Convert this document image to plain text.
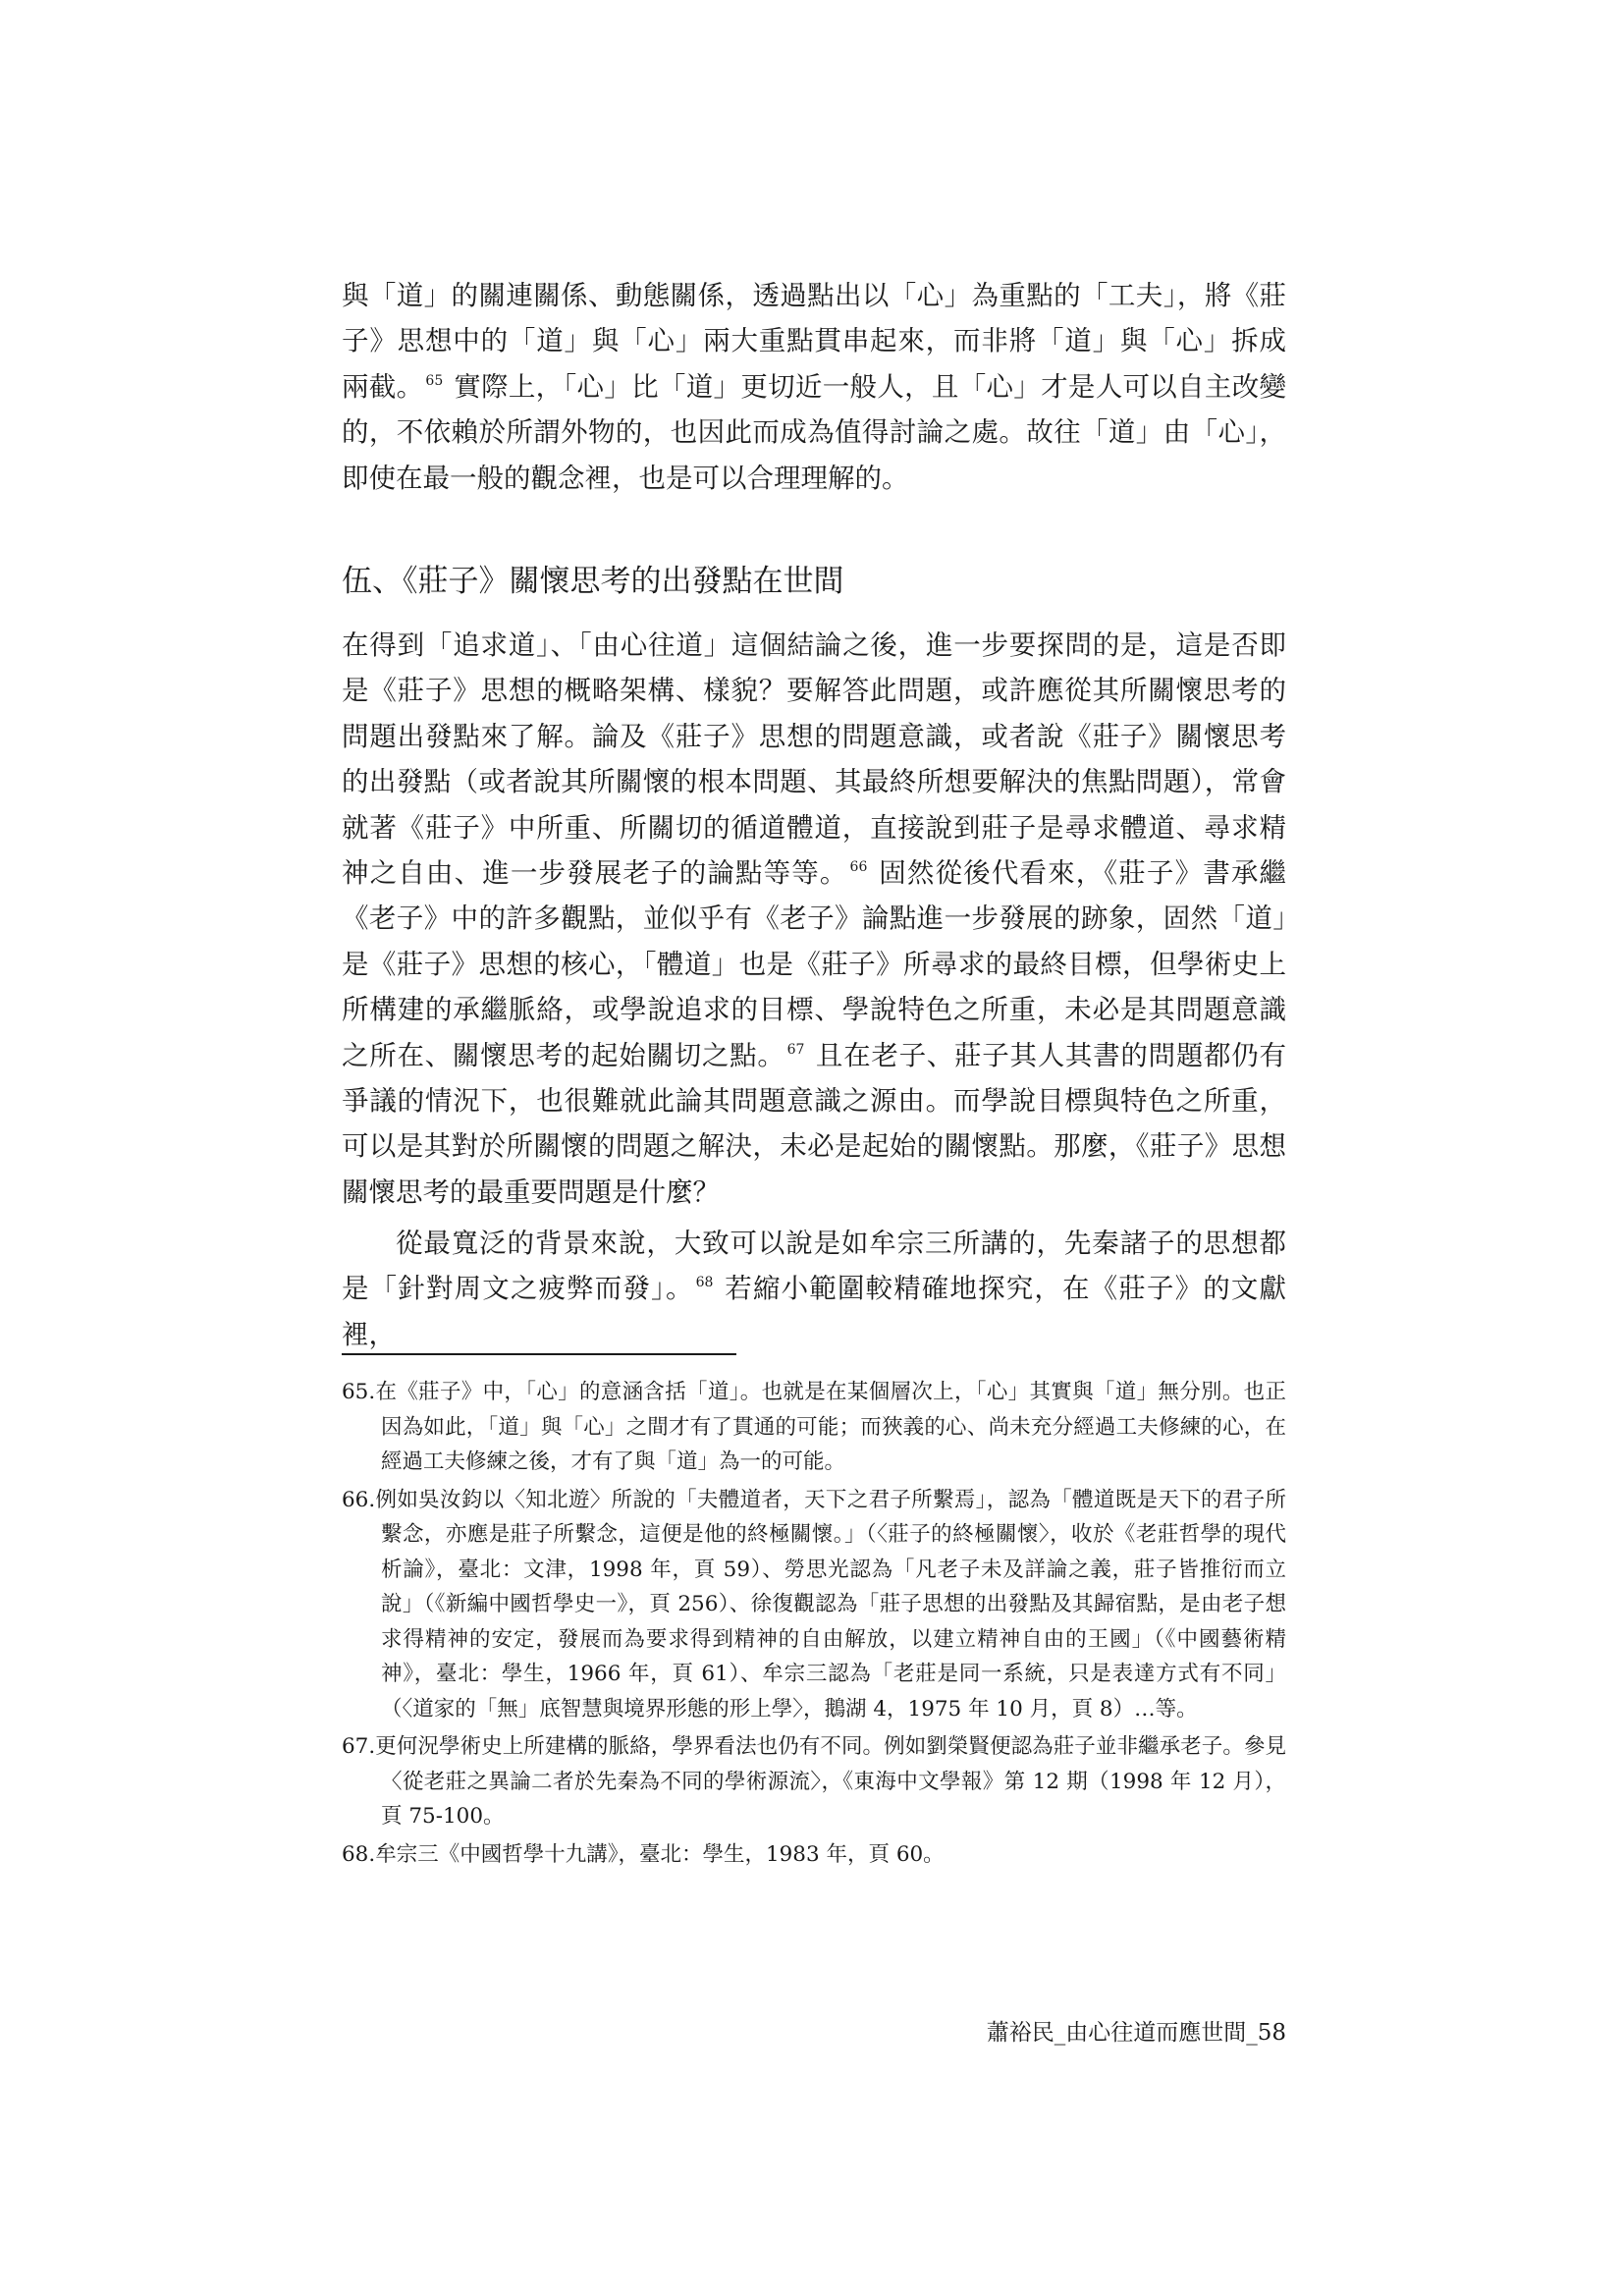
與「道」的關連關係、動態關係，透過點出以「心」為重點的「工夫」，將《莊子》思想中的「道」與「心」兩大重點貫串起來，而非將「道」與「心」拆成兩截。 $^{65}$ 實際上，「心」比「道」更切近一般人，且「心」才是人可以自主改變的，不依賴於所謂外物的，也因此而成為值得討論之處。故往「道」由「心」，即使在最一般的觀念裡，也是可以合理理解的。

伍、《莊子》關懷思考的出發點在世間

在得到「追求道」、「由心往道」這個結論之後，進一步要探問的是，這是否即是《莊子》思想的概略架構、樣貌？要解答此問題，或許應從其所關懷思考的問題出發點來了解。論及《莊子》思想的問題意識，或者說《莊子》關懷思考的出發點（或者說其所關懷的根本問題、其最終所想要解決的焦點問題），常會就著《莊子》中所重、所關切的循道體道，直接說到莊子是尋求體道、尋求精神之自由、進一步發展老子的論點等等。 $^{66}$ 固然從後代看來，《莊子》書承繼《老子》中的許多觀點，並似乎有《老子》論點進一步發展的跡象，固然「道」是《莊子》思想的核心，「體道」也是《莊子》所尋求的最終目標，但學術史上所構建的承繼脈絡，或學說追求的目標、學說特色之所重，未必是其問題意識之所在、關懷思考的起始關切之點。 $^{67}$ 且在老子、莊子其人其書的問題都仍有爭議的情況下，也很難就此論其問題意識之源由。而學說目標與特色之所重，可以是其對於所關懷的問題之解決，未必是起始的關懷點。那麼，《莊子》思想關懷思考的最重要問題是什麼？

從最寬泛的背景來說，大致可以說是如牟宗三所講的，先秦諸子的思想都是「針對周文之疲弊而發」。 $^{68}$ 若縮小範圍較精確地探究，在《莊子》的文獻裡，

65.在《莊子》中，「心」的意涵含括「道」。也就是在某個層次上，「心」其實與「道」無分別。也正因為如此，「道」與「心」之間才有了貫通的可能；而狹義的心、尚未充分經過工夫修練的心，在經過工夫修練之後，才有了與「道」為一的可能。

66.例如吳汝鈞以〈知北遊〉所說的「夫體道者，天下之君子所繫焉」，認為「體道既是天下的君子所繫念，亦應是莊子所繫念，這便是他的終極關懷。」（〈莊子的終極關懷〉，收於《老莊哲學的現代析論》，臺北：文津，1998 年，頁 59）、勞思光認為「凡老子未及詳論之義，莊子皆推衍而立說」（《新編中國哲學史一》，頁 256）、徐復觀認為「莊子思想的出發點及其歸宿點，是由老子想求得精神的安定，發展而為要求得到精神的自由解放，以建立精神自由的王國」（《中國藝術精神》，臺北：學生，1966 年，頁 61）、牟宗三認為「老莊是同一系統，只是表達方式有不同」（〈道家的「無」底智慧與境界形態的形上學〉，鵝湖 4，1975 年 10 月，頁 8）…等。

67.更何況學術史上所建構的脈絡，學界看法也仍有不同。例如劉榮賢便認為莊子並非繼承老子。參見〈從老莊之異論二者於先秦為不同的學術源流〉，《東海中文學報》第 12 期（1998 年 12 月），頁 75-100。

68.牟宗三《中國哲學十九講》，臺北：學生，1983 年，頁 60。

蕭裕民_由心往道而應世間_58
